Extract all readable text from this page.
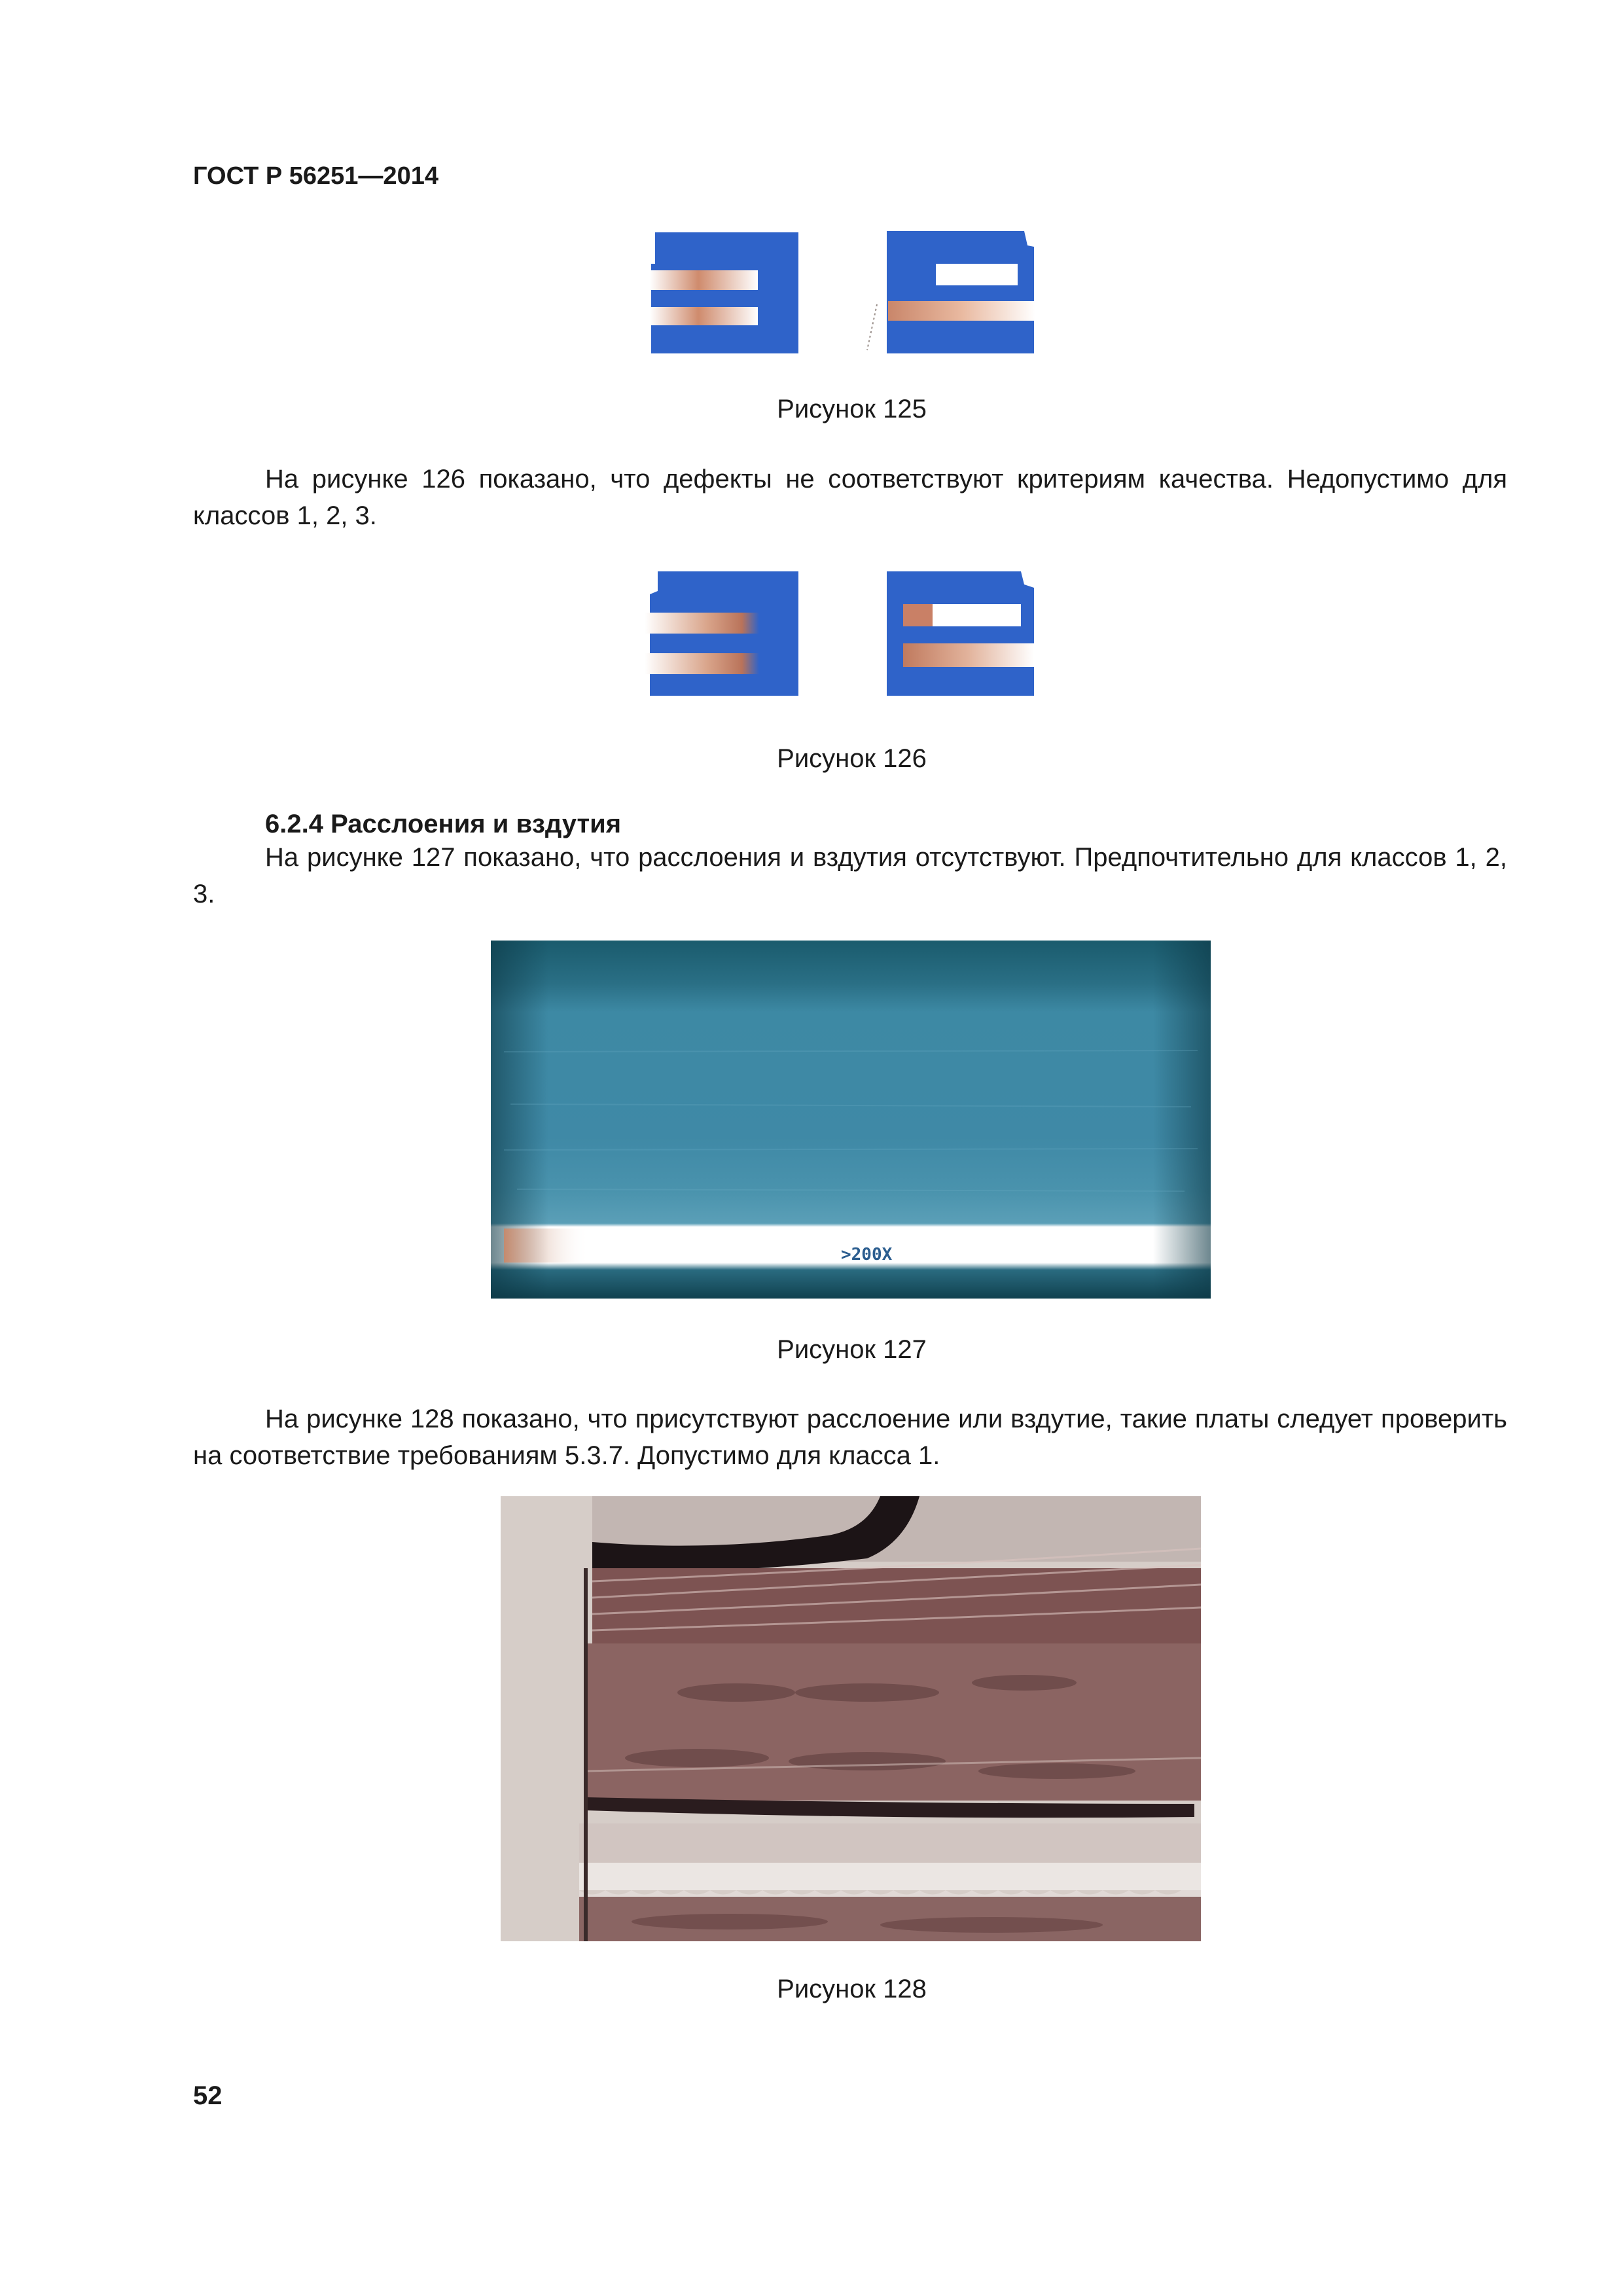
ГОСТ Р 56251—2014

Рисунок 125

На рисунке 126 показано, что дефекты не соответствуют критериям качества. Недопустимо для классов 1, 2, 3.

Рисунок 126

6.2.4 Расслоения и вздутия

На рисунке 127 показано, что расслоения и вздутия отсутствуют. Предпочтительно для классов 1, 2, 3.

>200X

Рисунок 127

На рисунке 128 показано, что присутствуют расслоение или вздутие, такие платы следует проверить на соответствие требованиям 5.3.7. Допустимо для класса 1.

Рисунок 128

52
